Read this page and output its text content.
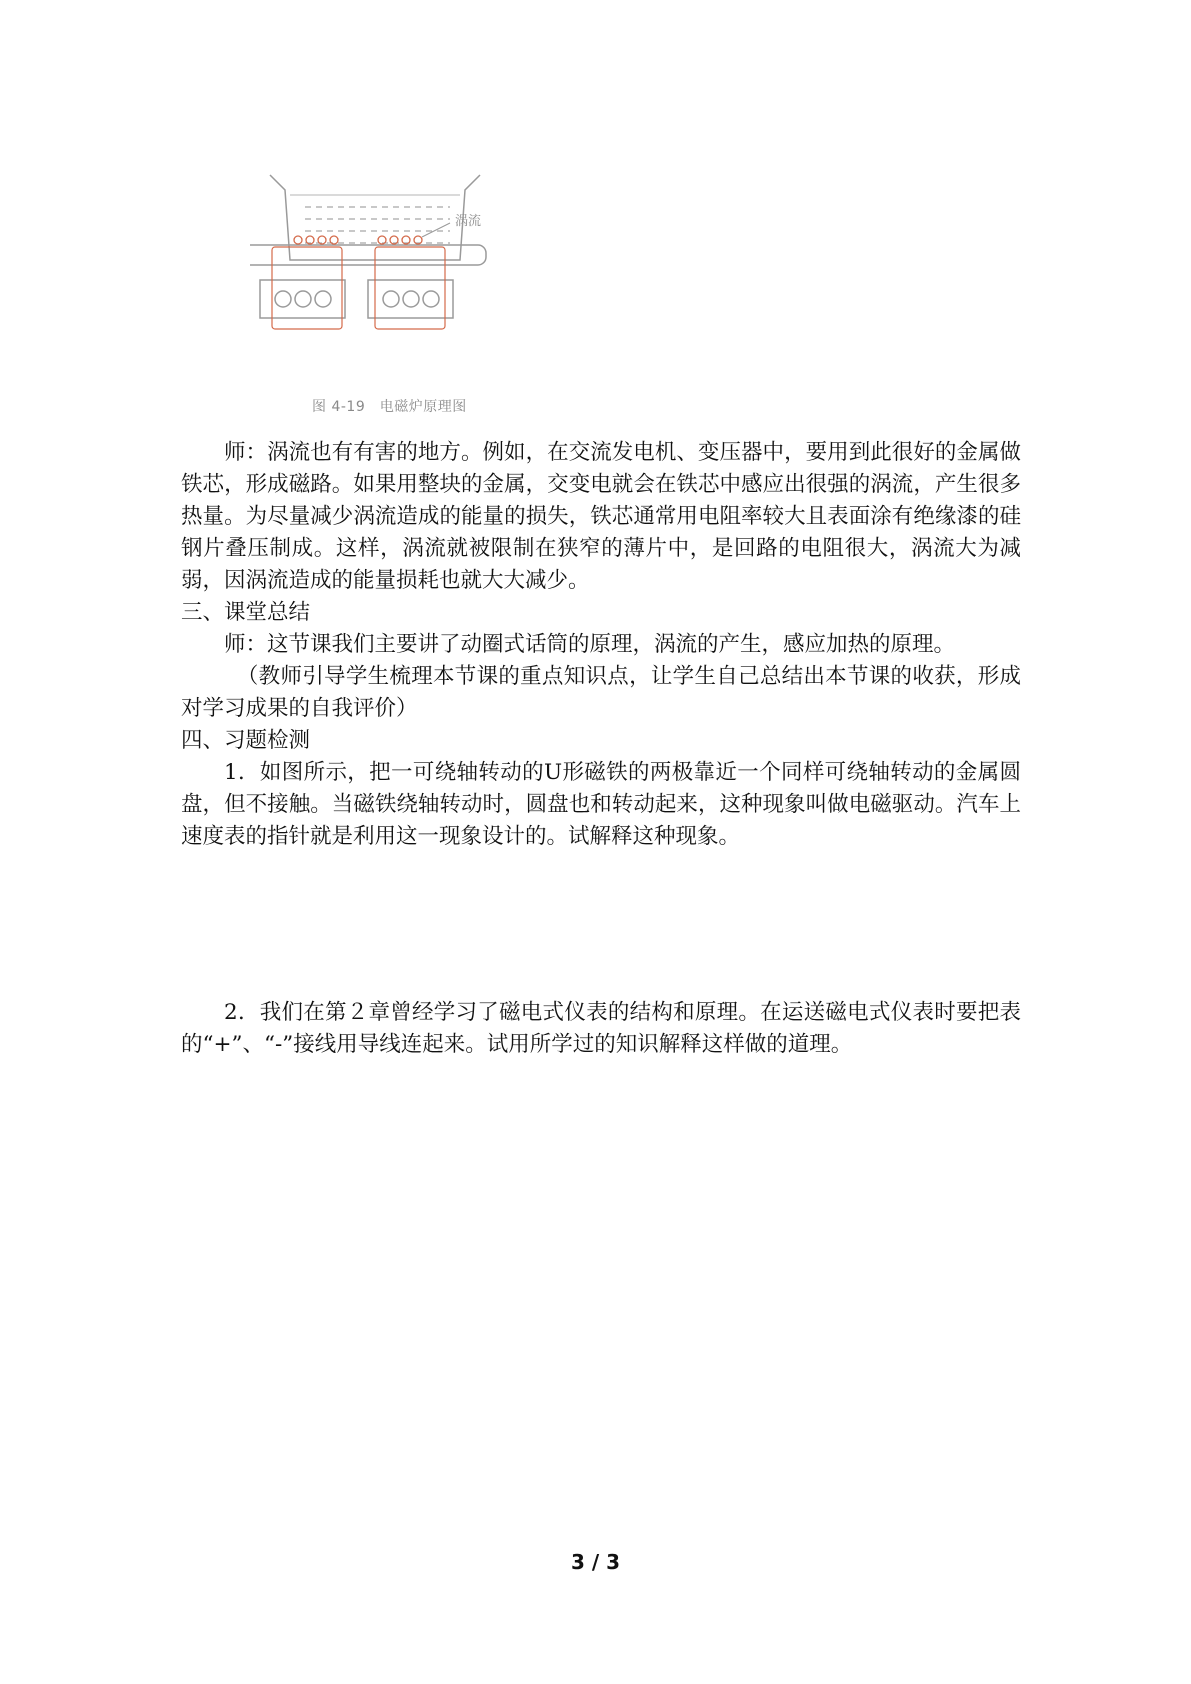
涡流
图 4-19　电磁炉原理图

师：涡流也有有害的地方。例如，在交流发电机、变压器中，要用到此很好的金属做铁芯，形成磁路。如果用整块的金属，交变电就会在铁芯中感应出很强的涡流，产生很多热量。为尽量减少涡流造成的能量的损失，铁芯通常用电阻率较大且表面涂有绝缘漆的硅钢片叠压制成。这样，涡流就被限制在狭窄的薄片中，是回路的电阻很大，涡流大为减弱，因涡流造成的能量损耗也就大大减少。

三、课堂总结

师：这节课我们主要讲了动圈式话筒的原理，涡流的产生，感应加热的原理。

（教师引导学生梳理本节课的重点知识点，让学生自己总结出本节课的收获，形成对学习成果的自我评价）

四、习题检测

1．如图所示，把一可绕轴转动的U形磁铁的两极靠近一个同样可绕轴转动的金属圆盘，但不接触。当磁铁绕轴转动时，圆盘也和转动起来，这种现象叫做电磁驱动。汽车上速度表的指针就是利用这一现象设计的。试解释这种现象。

2．我们在第２章曾经学习了磁电式仪表的结构和原理。在运送磁电式仪表时要把表的“+”、“-”接线用导线连起来。试用所学过的知识解释这样做的道理。

3 / 3
